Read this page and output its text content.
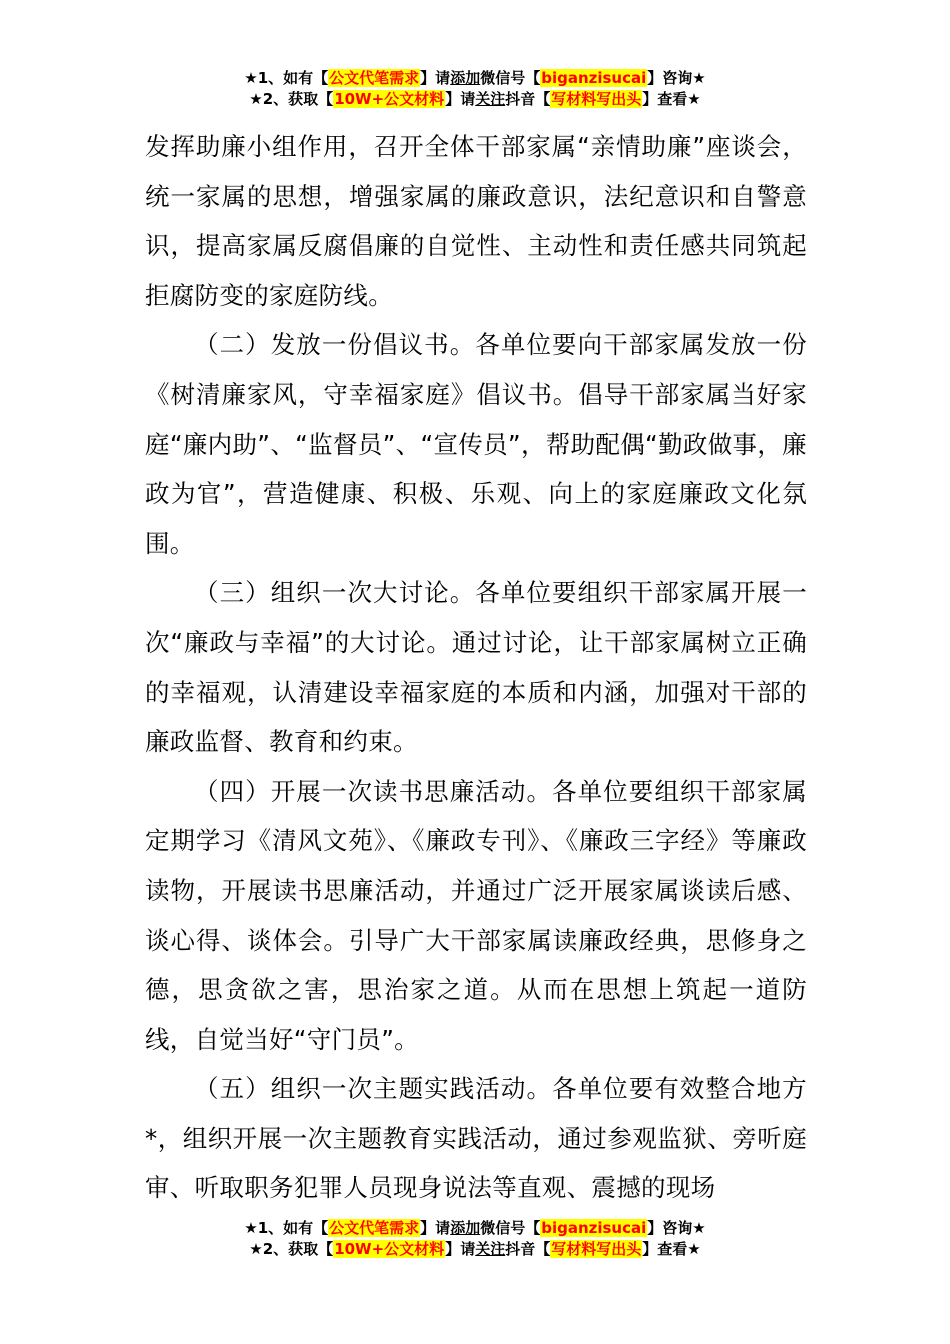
★1、如有【公文代笔需求】请添加微信号【biganzisucai】咨询★
★2、获取【10W+公文材料】请关注抖音【写材料写出头】查看★

发挥助廉小组作用，召开全体干部家属“亲情助廉”座谈会，统一家属的思想，增强家属的廉政意识，法纪意识和自警意识，提高家属反腐倡廉的自觉性、主动性和责任感共同筑起拒腐防变的家庭防线。

（二）发放一份倡议书。各单位要向干部家属发放一份《树清廉家风，守幸福家庭》倡议书。倡导干部家属当好家庭“廉内助”、“监督员”、“宣传员”，帮助配偶“勤政做事，廉政为官”，营造健康、积极、乐观、向上的家庭廉政文化氛围。

（三）组织一次大讨论。各单位要组织干部家属开展一次“廉政与幸福”的大讨论。通过讨论，让干部家属树立正确的幸福观，认清建设幸福家庭的本质和内涵，加强对干部的廉政监督、教育和约束。

（四）开展一次读书思廉活动。各单位要组织干部家属定期学习《清风文苑》、《廉政专刊》、《廉政三字经》等廉政读物，开展读书思廉活动，并通过广泛开展家属谈读后感、谈心得、谈体会。引导广大干部家属读廉政经典，思修身之德，思贪欲之害，思治家之道。从而在思想上筑起一道防线，自觉当好“守门员”。

（五）组织一次主题实践活动。各单位要有效整合地方*，组织开展一次主题教育实践活动，通过参观监狱、旁听庭审、听取职务犯罪人员现身说法等直观、震撼的现场

★1、如有【公文代笔需求】请添加微信号【biganzisucai】咨询★
★2、获取【10W+公文材料】请关注抖音【写材料写出头】查看★
